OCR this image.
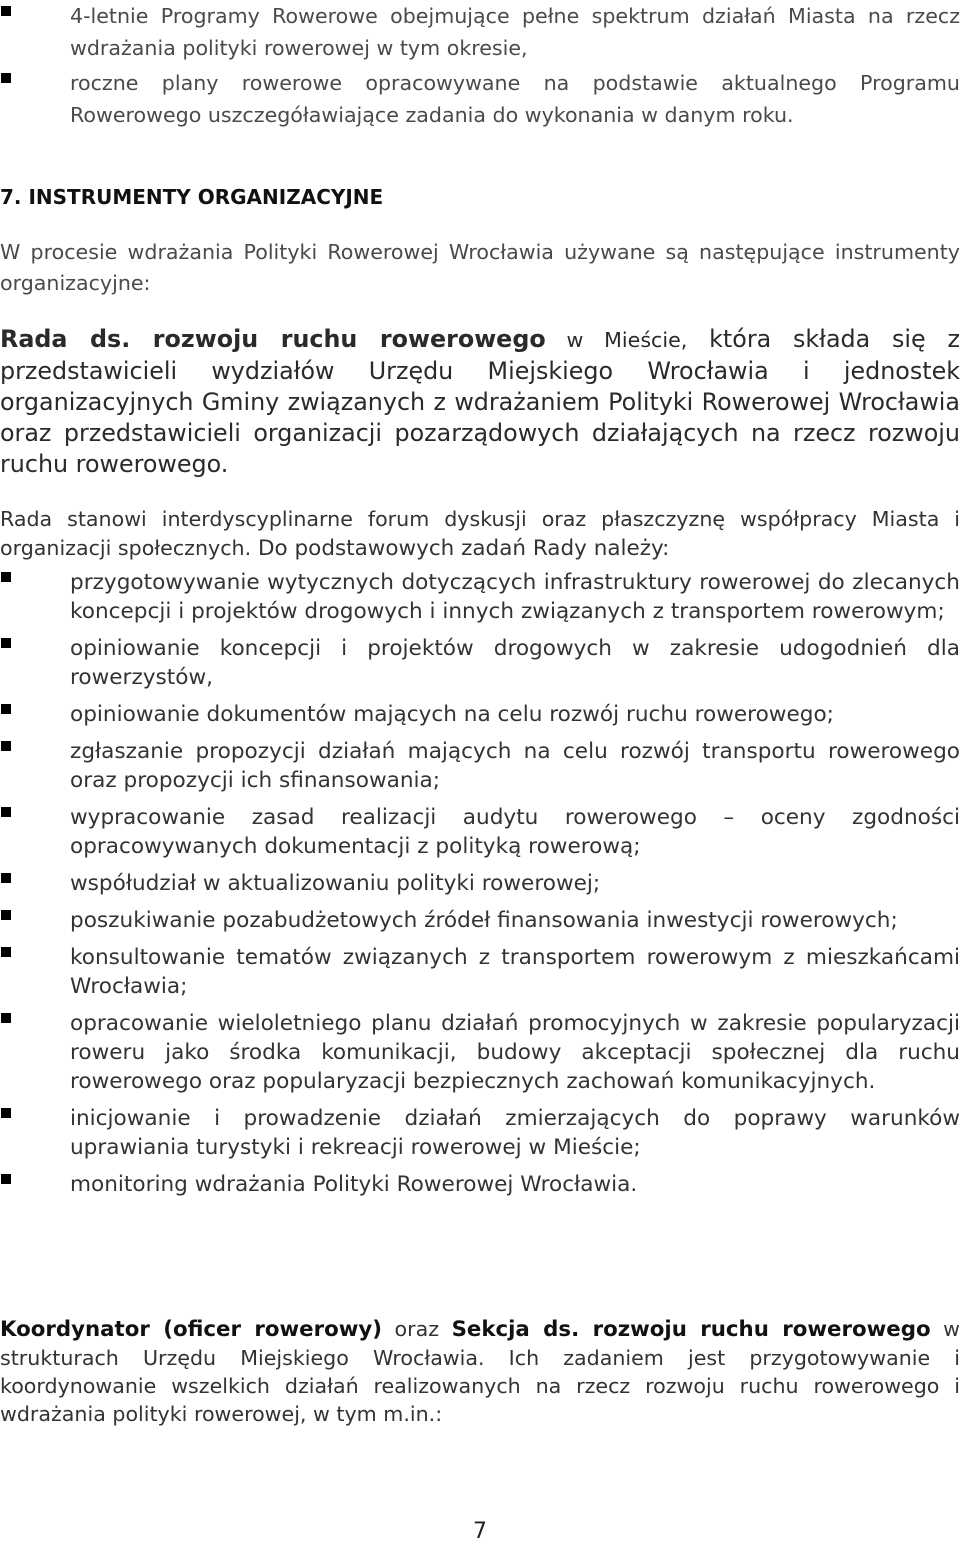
4-letnie Programy Rowerowe obejmujące pełne spektrum działań Miasta na rzecz wdrażania polityki rowerowej w tym okresie,
roczne plany rowerowe opracowywane na podstawie aktualnego Programu Rowerowego uszczegóławiające zadania do wykonania w danym roku.
7. INSTRUMENTY ORGANIZACYJNE

W procesie wdrażania Polityki Rowerowej Wrocławia używane są następujące instrumenty organizacyjne:

Rada ds. rozwoju ruchu rowerowego w Mieście, która składa się z przedstawicieli wydziałów Urzędu Miejskiego Wrocławia i jednostek organizacyjnych Gminy związanych z wdrażaniem Polityki Rowerowej Wrocławia oraz przedstawicieli organizacji pozarządowych działających na rzecz rozwoju ruchu rowerowego.

Rada stanowi interdyscyplinarne forum dyskusji oraz płaszczyznę współpracy Miasta i organizacji społecznych. Do podstawowych zadań Rady należy:

przygotowywanie wytycznych dotyczących infrastruktury rowerowej do zlecanych koncepcji i projektów drogowych i innych związanych z transportem rowerowym;
opiniowanie koncepcji i projektów drogowych w zakresie udogodnień dla rowerzystów,
opiniowanie dokumentów mających na celu rozwój ruchu rowerowego;
zgłaszanie propozycji działań mających na celu rozwój transportu rowerowego oraz propozycji ich sfinansowania;
wypracowanie zasad realizacji audytu rowerowego – oceny zgodności opracowywanych dokumentacji z polityką rowerową;
współudział w aktualizowaniu polityki rowerowej;
poszukiwanie pozabudżetowych źródeł finansowania inwestycji rowerowych;
konsultowanie tematów związanych z transportem rowerowym z mieszkańcami Wrocławia;
opracowanie wieloletniego planu działań promocyjnych w zakresie popularyzacji roweru jako środka komunikacji, budowy akceptacji społecznej dla ruchu rowerowego oraz popularyzacji bezpiecznych zachowań komunikacyjnych.
inicjowanie i prowadzenie działań zmierzających do poprawy warunków uprawiania turystyki i rekreacji rowerowej w Mieście;
monitoring wdrażania Polityki Rowerowej Wrocławia.

Koordynator (oficer rowerowy) oraz Sekcja ds. rozwoju ruchu rowerowego w strukturach Urzędu Miejskiego Wrocławia. Ich zadaniem jest przygotowywanie i koordynowanie wszelkich działań realizowanych na rzecz rozwoju ruchu rowerowego i wdrażania polityki rowerowej, w tym m.in.:

7
